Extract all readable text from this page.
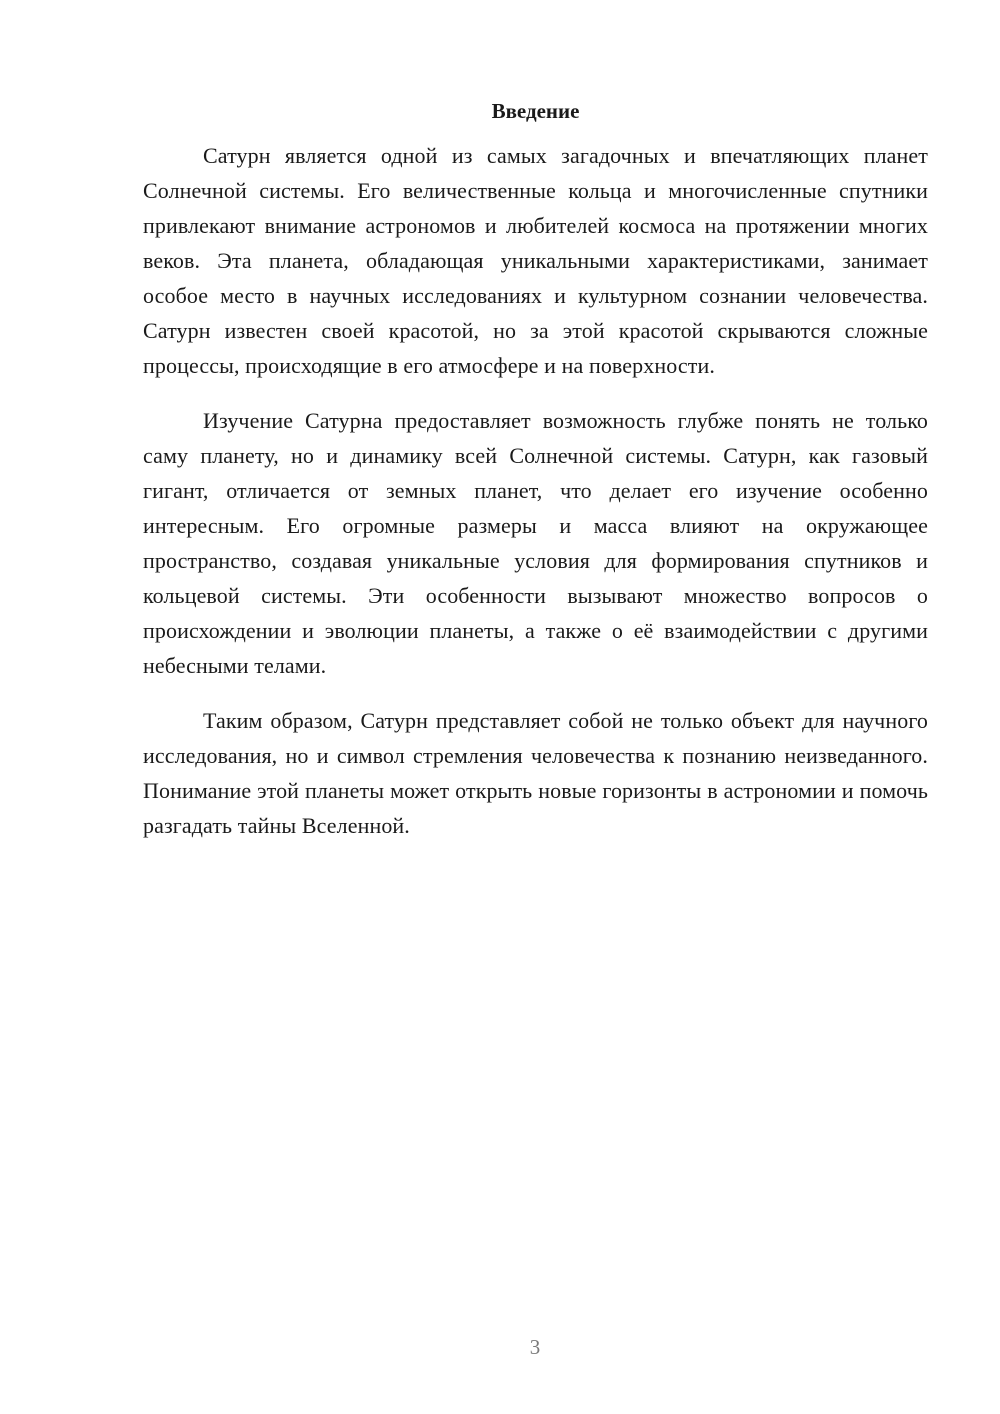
Введение

Сатурн является одной из самых загадочных и впечатляющих планет Солнечной системы. Его величественные кольца и многочисленные спутники привлекают внимание астрономов и любителей космоса на протяжении многих веков. Эта планета, обладающая уникальными характеристиками, занимает особое место в научных исследованиях и культурном сознании человечества. Сатурн известен своей красотой, но за этой красотой скрываются сложные процессы, происходящие в его атмосфере и на поверхности.

Изучение Сатурна предоставляет возможность глубже понять не только саму планету, но и динамику всей Солнечной системы. Сатурн, как газовый гигант, отличается от земных планет, что делает его изучение особенно интересным. Его огромные размеры и масса влияют на окружающее пространство, создавая уникальные условия для формирования спутников и кольцевой системы. Эти особенности вызывают множество вопросов о происхождении и эволюции планеты, а также о её взаимодействии с другими небесными телами.

Таким образом, Сатурн представляет собой не только объект для научного исследования, но и символ стремления человечества к познанию неизведанного. Понимание этой планеты может открыть новые горизонты в астрономии и помочь разгадать тайны Вселенной.

3
